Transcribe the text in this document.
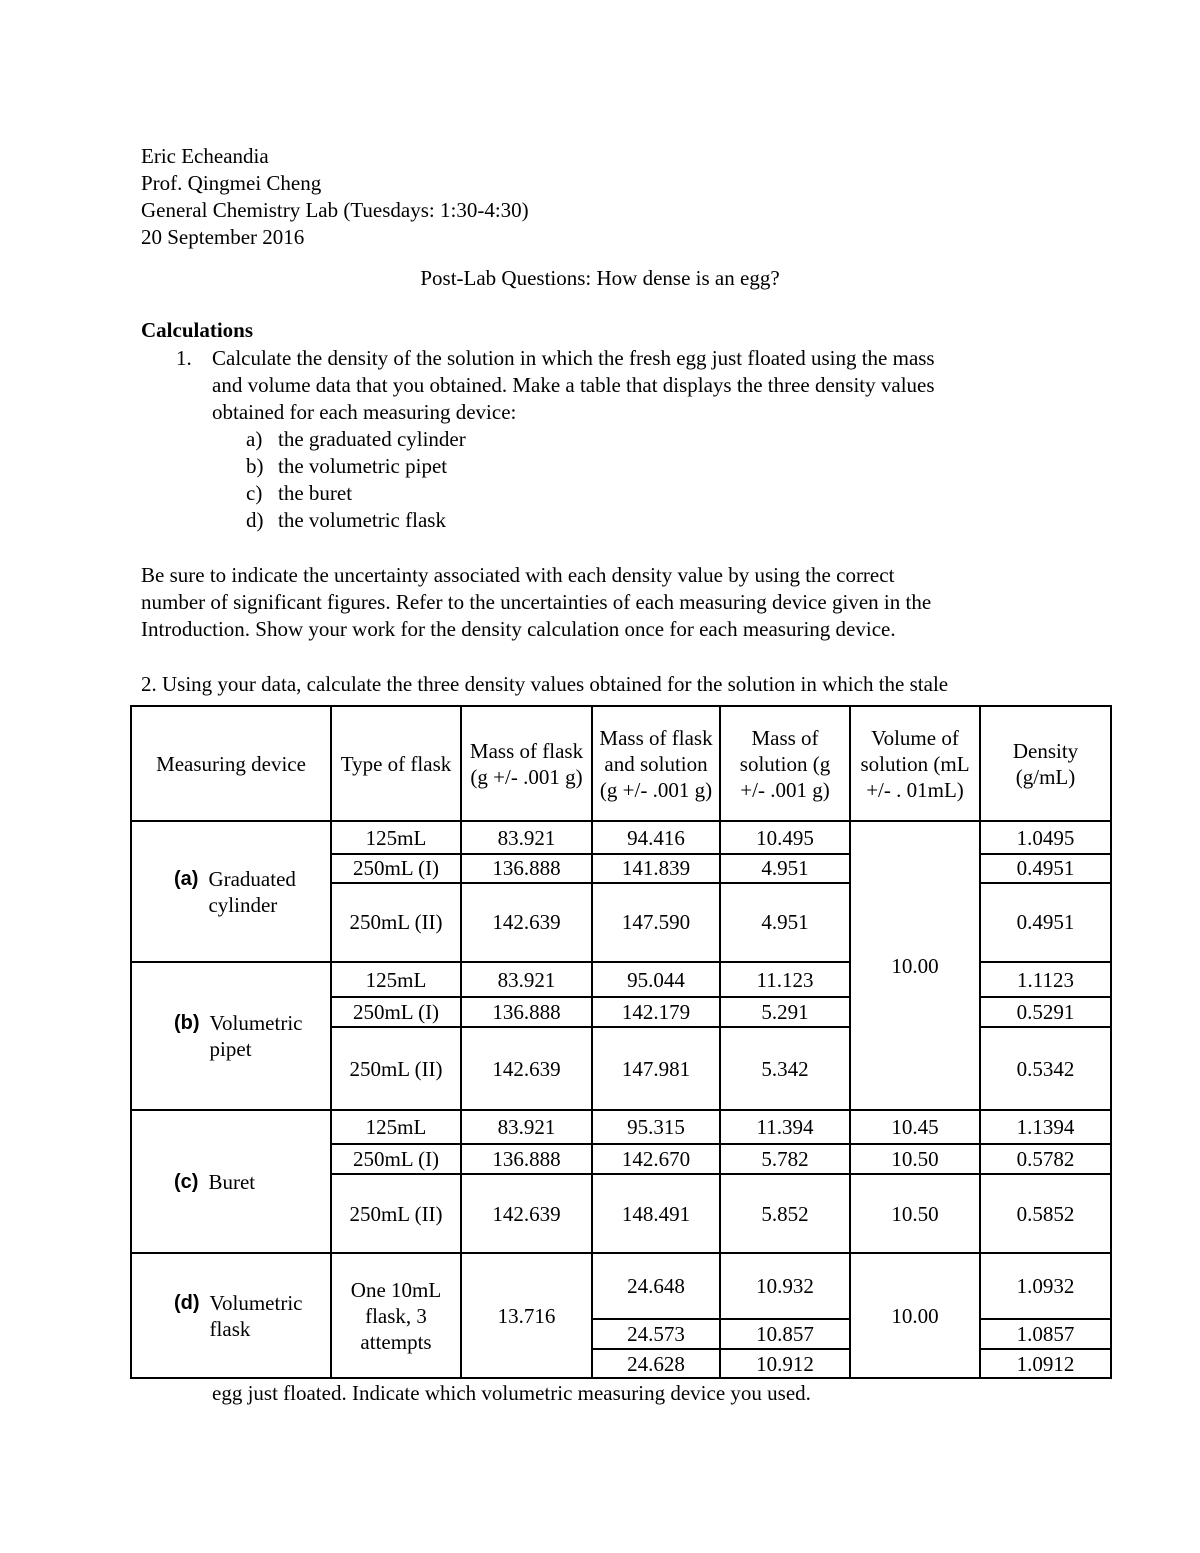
Eric Echeandia
Prof. Qingmei Cheng
General Chemistry Lab (Tuesdays: 1:30-4:30)
20 September 2016
Post-Lab Questions: How dense is an egg?
Calculations
1. Calculate the density of the solution in which the fresh egg just floated using the mass
and volume data that you obtained. Make a table that displays the three density values
obtained for each measuring device:
a) the graduated cylinder
b) the volumetric pipet
c) the buret
d) the volumetric flask
Be sure to indicate the uncertainty associated with each density value by using the correct
number of significant figures. Refer to the uncertainties of each measuring device given in the
Introduction. Show your work for the density calculation once for each measuring device.
2. Using your data, calculate the three density values obtained for the solution in which the stale
Measuring device	Type of flask	Mass of flask (g +/- .001 g)	Mass of flask and solution (g +/- .001 g)	Mass of solution (g +/- .001 g)	Volume of solution (mL +/- . 01mL)	Density (g/mL)

(a) Graduated cylinder	125mL	83.921	94.416	10.495	10.00	1.0495
	250mL (I)	136.888	141.839	4.951		0.4951
	250mL (II)	142.639	147.590	4.951		0.4951

(b) Volumetric pipet	125mL	83.921	95.044	11.123		1.1123
	250mL (I)	136.888	142.179	5.291		0.5291
	250mL (II)	142.639	147.981	5.342		0.5342

(c) Buret	125mL	83.921	95.315	11.394	10.45	1.1394
	250mL (I)	136.888	142.670	5.782	10.50	0.5782
	250mL (II)	142.639	148.491	5.852	10.50	0.5852

(d) Volumetric flask	One 10mL flask, 3 attempts	13.716	24.648	10.932	10.00	1.0932
			24.573	10.857		1.0857
			24.628	10.912		1.0912
egg just floated. Indicate which volumetric measuring device you used.
